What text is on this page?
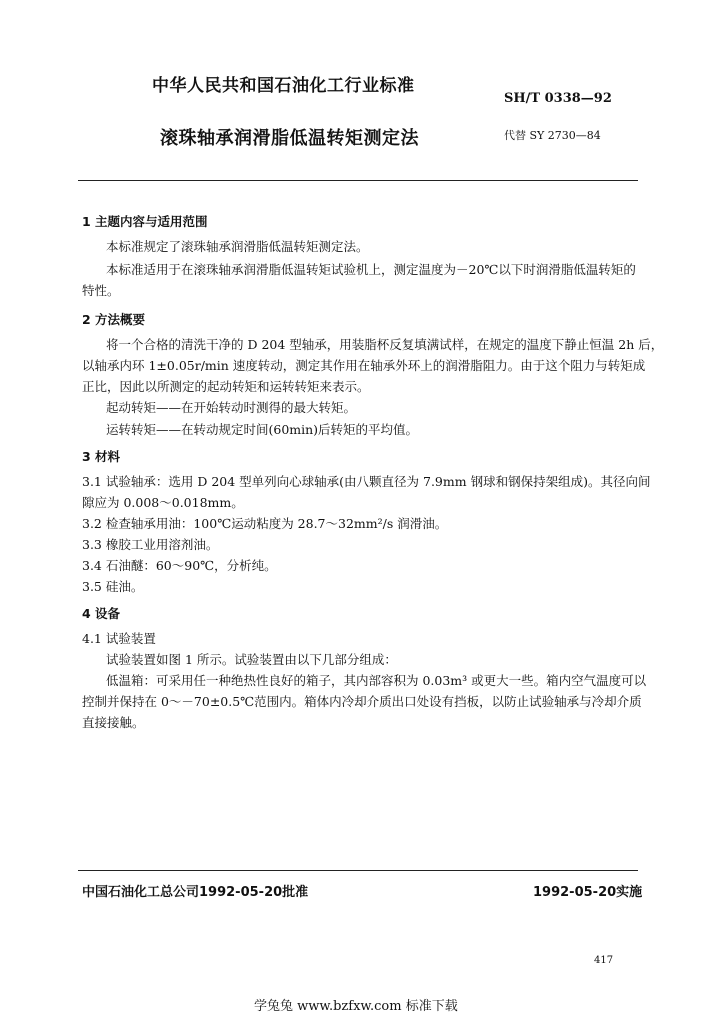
中华人民共和国石油化工行业标准
SH/T 0338—92
滚珠轴承润滑脂低温转矩测定法	代替 SY 2730—84
1 主题内容与适用范围
本标准规定了滚珠轴承润滑脂低温转矩测定法。
本标准适用于在滚珠轴承润滑脂低温转矩试验机上，测定温度为－20℃以下时润滑脂低温转矩的
特性。
2 方法概要
将一个合格的清洗干净的 D 204 型轴承，用装脂杯反复填满试样，在规定的温度下静止恒温 2h 后，
以轴承内环 1±0.05r/min 速度转动，测定其作用在轴承外环上的润滑脂阻力。由于这个阻力与转矩成
正比，因此以所测定的起动转矩和运转转矩来表示。
起动转矩——在开始转动时测得的最大转矩。
运转转矩——在转动规定时间(60min)后转矩的平均值。
3 材料
3.1 试验轴承：选用 D 204 型单列向心球轴承(由八颗直径为 7.9mm 钢球和钢保持架组成)。其径向间
隙应为 0.008～0.018mm。
3.2 检查轴承用油：100℃运动粘度为 28.7～32mm²/s 润滑油。
3.3 橡胶工业用溶剂油。
3.4 石油醚：60～90℃，分析纯。
3.5 硅油。
4 设备
4.1 试验装置
试验装置如图 1 所示。试验装置由以下几部分组成：
低温箱：可采用任一种绝热性良好的箱子，其内部容积为 0.03m³ 或更大一些。箱内空气温度可以
控制并保持在 0～－70±0.5℃范围内。箱体内冷却介质出口处设有挡板，以防止试验轴承与冷却介质
直接接触。
中国石油化工总公司1992-05-20批准	1992-05-20实施
417
学兔兔 www.bzfxw.com 标准下载
